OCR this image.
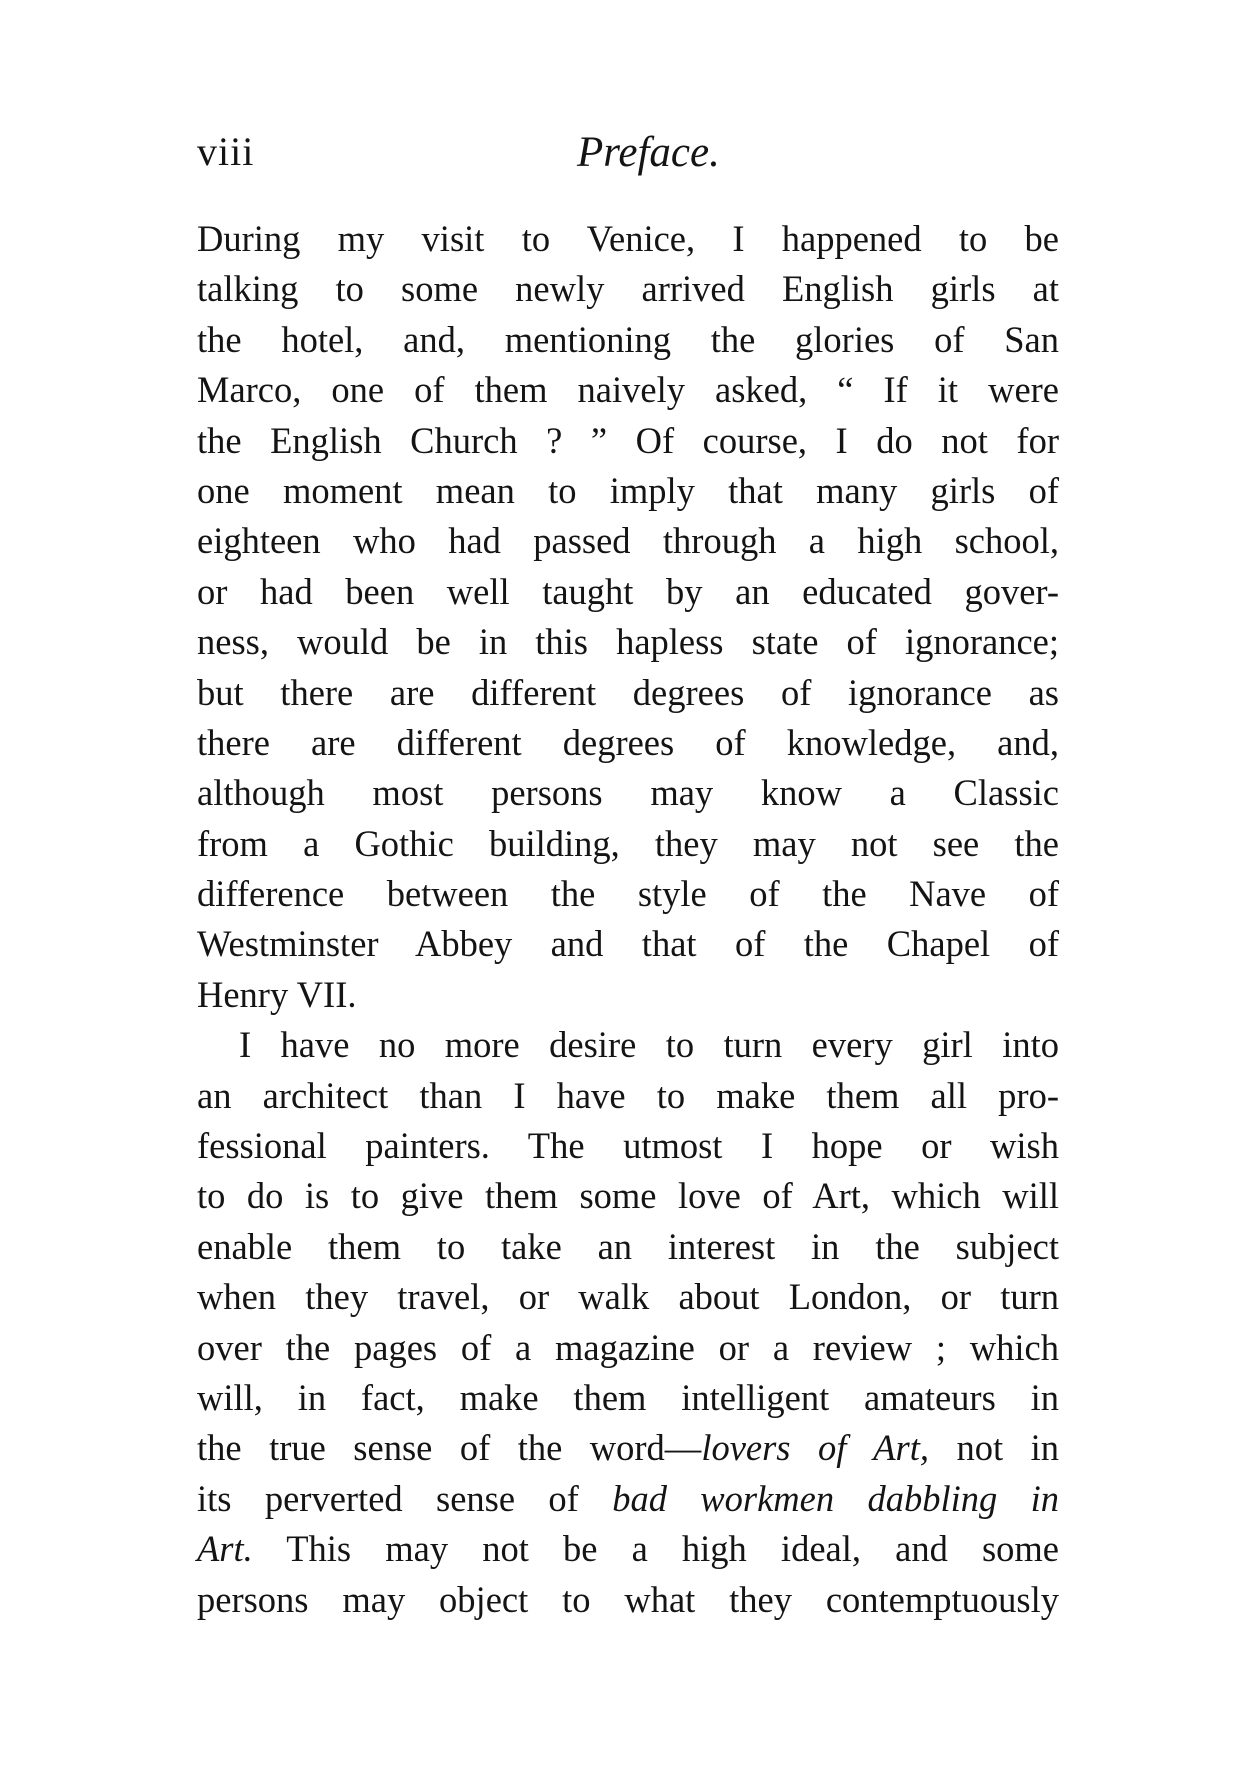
viii	Preface.
During my visit to Venice, I happened to be
talking to some newly arrived English girls at
the hotel, and, mentioning the glories of San
Marco, one of them naively asked, “ If it were
the English Church ? ” Of course, I do not for
one moment mean to imply that many girls of
eighteen who had passed through a high school,
or had been well taught by an educated gover-
ness, would be in this hapless state of ignorance;
but there are different degrees of ignorance as
there are different degrees of knowledge, and,
although most persons may know a Classic
from a Gothic building, they may not see the
difference between the style of the Nave of
Westminster Abbey and that of the Chapel of
Henry VII.
I have no more desire to turn every girl into
an architect than I have to make them all pro-
fessional painters. The utmost I hope or wish
to do is to give them some love of Art, which will
enable them to take an interest in the subject
when they travel, or walk about London, or turn
over the pages of a magazine or a review ; which
will, in fact, make them intelligent amateurs in
the true sense of the word—lovers of Art, not in
its perverted sense of bad workmen dabbling in
Art. This may not be a high ideal, and some
persons may object to what they contemptuously
